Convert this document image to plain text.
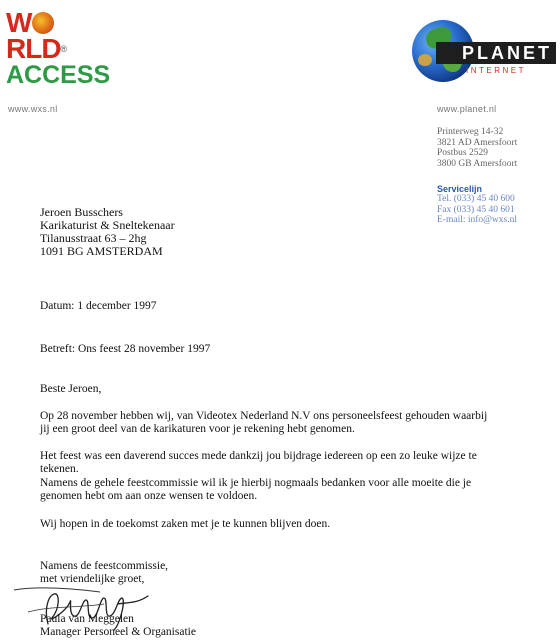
W
RLD®
ACCESS
www.wxs.nl
PLANET
INTERNET
www.planet.nl
Printerweg 14-32
3821 AD Amersfoort
Postbus 2529
3800 GB Amersfoort
Servicelijn
Tel. (033) 45 40 600
Fax (033) 45 40 601
E-mail: info@wxs.nl
Jeroen Busschers
Karikaturist & Sneltekenaar
Tilanusstraat 63 – 2hg
1091 BG AMSTERDAM
Datum: 1 december 1997
Betreft: Ons feest 28 november 1997
Beste Jeroen,
Op 28 november hebben wij, van Videotex Nederland N.V ons personeelsfeest gehouden waarbij
jij een groot deel van de karikaturen voor je rekening hebt genomen.
Het feest was een daverend succes mede dankzij jou bijdrage iedereen op een zo leuke wijze te
tekenen.
Namens de gehele feestcommissie wil ik je hierbij nogmaals bedanken voor alle moeite die je
genomen hebt om aan onze wensen te voldoen.
Wij hopen in de toekomst zaken met je te kunnen blijven doen.
Namens de feestcommissie,
met vriendelijke groet,
Paula van Meggelen
Manager Personeel & Organisatie
